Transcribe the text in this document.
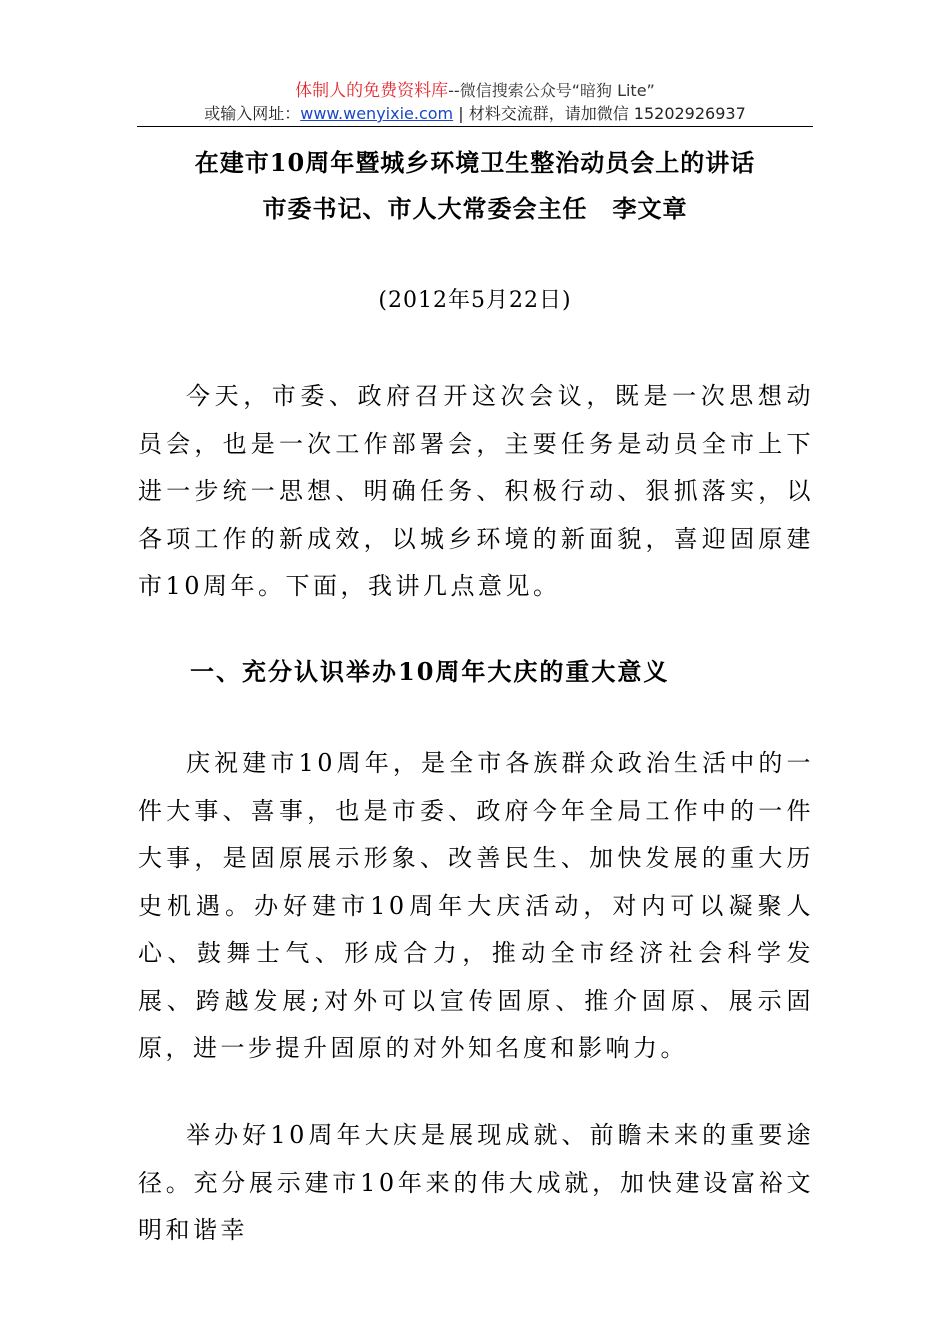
体制人的免费资料库--微信搜索公众号“暗狗 Lite”
或输入网址：www.wenyixie.com | 材料交流群，请加微信 15202926937
在建市10周年暨城乡环境卫生整治动员会上的讲话
市委书记、市人大常委会主任　李文章
(2012年5月22日)

今天，市委、政府召开这次会议，既是一次思想动员会，也是一次工作部署会，主要任务是动员全市上下进一步统一思想、明确任务、积极行动、狠抓落实，以各项工作的新成效，以城乡环境的新面貌，喜迎固原建市10周年。下面，我讲几点意见。

一、充分认识举办10周年大庆的重大意义

庆祝建市10周年，是全市各族群众政治生活中的一件大事、喜事，也是市委、政府今年全局工作中的一件大事，是固原展示形象、改善民生、加快发展的重大历史机遇。办好建市10周年大庆活动，对内可以凝聚人心、鼓舞士气、形成合力，推动全市经济社会科学发展、跨越发展;对外可以宣传固原、推介固原、展示固原，进一步提升固原的对外知名度和影响力。

举办好10周年大庆是展现成就、前瞻未来的重要途径。充分展示建市10年来的伟大成就，加快建设富裕文明和谐幸
